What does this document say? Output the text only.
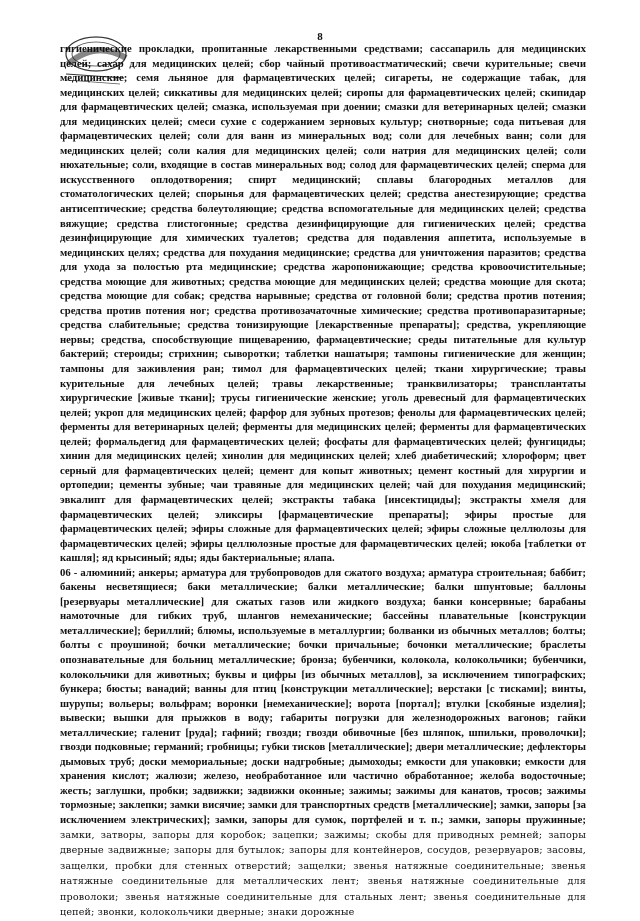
8

гигиенические прокладки, пропитанные лекарственными средствами; сассапариль для медицинских целей; сахар для медицинских целей; сбор чайный противоастматический; свечи курительные; свечи медицинские; семя льняное для фармацевтических целей; сигареты, не содержащие табак, для медицинских целей; сиккативы для медицинских целей; сиропы для фармацевтических целей; скипидар для фармацевтических целей; смазка, используемая при доении; смазки для ветеринарных целей; смазки для медицинских целей; смеси сухие с содержанием зерновых культур; снотворные; сода питьевая для фармацевтических целей; соли для ванн из минеральных вод; соли для лечебных ванн; соли для медицинских целей; соли калия для медицинских целей; соли натрия для медицинских целей; соли нюхательные; соли, входящие в состав минеральных вод; солод для фармацевтических целей; сперма для искусственного оплодотворения; спирт медицинский; сплавы благородных металлов для стоматологических целей; спорынья для фармацевтических целей; средства анестезирующие; средства антисептические; средства болеутоляющие; средства вспомогательные для медицинских целей; средства вяжущие; средства глистогонные; средства дезинфицирующие для гигиенических целей; средства дезинфицирующие для химических туалетов; средства для подавления аппетита, используемые в медицинских целях; средства для похудания медицинские; средства для уничтожения паразитов; средства для ухода за полостью рта медицинские; средства жаропонижающие; средства кровоочистительные; средства моющие для животных; средства моющие для медицинских целей; средства моющие для скота; средства моющие для собак; средства нарывные; средства от головной боли; средства против потения; средства против потения ног; средства противозачаточные химические; средства противопаразитарные; средства слабительные; средства тонизирующие [лекарственные препараты]; средства, укрепляющие нервы; средства, способствующие пищеварению, фармацевтические; среды питательные для культур бактерий; стероиды; стрихнин; сыворотки; таблетки нашатыря; тампоны гигиенические для женщин; тампоны для заживления ран; тимол для фармацевтических целей; ткани хирургические; травы курительные для лечебных целей; травы лекарственные; транквилизаторы; трансплантаты хирургические [живые ткани]; трусы гигиенические женские; уголь древесный для фармацевтических целей; укроп для медицинских целей; фарфор для зубных протезов; фенолы для фармацевтических целей; ферменты для ветеринарных целей; ферменты для медицинских целей; ферменты для фармацевтических целей; формальдегид для фармацевтических целей; фосфаты для фармацевтических целей; фунгициды; хинин для медицинских целей; хинолин для медицинских целей; хлеб диабетический; хлороформ; цвет серный для фармацевтических целей; цемент для копыт животных; цемент костный для хирургии и ортопедии; цементы зубные; чаи травяные для медицинских целей; чай для похудания медицинский; эвкалипт для фармацевтических целей; экстракты табака [инсектициды]; экстракты хмеля для фармацевтических целей; эликсиры [фармацевтические препараты]; эфиры простые для фармацевтических целей; эфиры сложные для фармацевтических целей; эфиры сложные целлюлозы для фармацевтических целей; эфиры целлюлозные простые для фармацевтических целей; юкоба [таблетки от кашля]; яд крысиный; яды; яды бактериальные; ялапа.

06 - алюминий; анкеры; арматура для трубопроводов для сжатого воздуха; арматура строительная; баббит; бакены несветящиеся; баки металлические; балки металлические; балки шпунтовые; баллоны [резервуары металлические] для сжатых газов или жидкого воздуха; банки консервные; барабаны намоточные для гибких труб, шлангов немеханические; бассейны плавательные [конструкции металлические]; бериллий; блюмы, используемые в металлургии; болванки из обычных металлов; болты; болты с проушиной; бочки металлические; бочки причальные; бочонки металлические; браслеты опознавательные для больниц металлические; бронза; бубенчики, колокола, колокольчики; бубенчики, колокольчики для животных; буквы и цифры [из обычных металлов], за исключением типографских; бункера; бюсты; ванадий; ванны для птиц [конструкции металлические]; верстаки [с тисками]; винты, шурупы; вольеры; вольфрам; воронки [немеханические]; ворота [портал]; втулки [скобяные изделия]; вывески; вышки для прыжков в воду; габариты погрузки для железнодорожных вагонов; гайки металлические; галенит [руда]; гафний; гвозди; гвозди обивочные [без шляпок, шпильки, проволочки]; гвозди подковные; германий; гробницы; губки тисков [металлические]; двери металлические; дефлекторы дымовых труб; доски мемориальные; доски надгробные; дымоходы; емкости для упаковки; емкости для хранения кислот; жалюзи; железо, необработанное или частично обработанное; желоба водосточные; жесть; заглушки, пробки; задвижки; задвижки оконные; зажимы; зажимы для канатов, тросов; зажимы тормозные; заклепки; замки висячие; замки для транспортных средств [металлические]; замки, запоры [за исключением электрических]; замки, запоры для сумок, портфелей и т. п.; замки, запоры пружинные; замки, затворы, запоры для коробок; зацепки; зажимы; скобы для приводных ремней; запоры дверные задвижные; запоры для бутылок; запоры для контейнеров, сосудов, резервуаров; засовы, защелки, пробки для стенных отверстий; защелки; звенья натяжные соединительные; звенья натяжные соединительные для металлических лент; звенья натяжные соединительные для проволоки; звенья натяжные соединительные для стальных лент; звенья соединительные для цепей; звонки, колокольчики дверные; знаки дорожные
